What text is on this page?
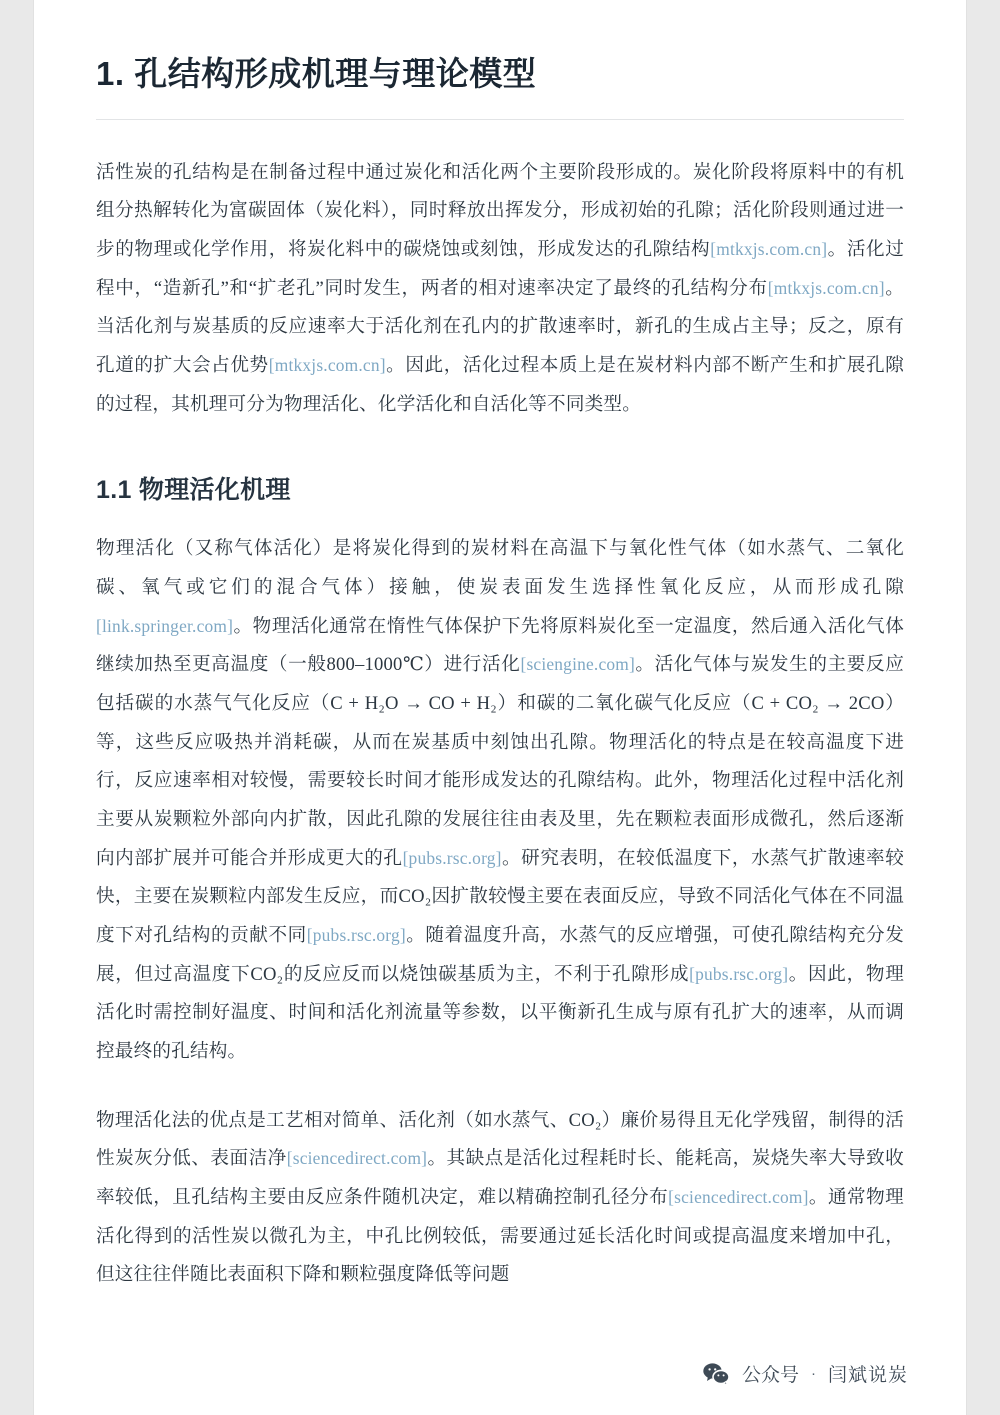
1. 孔结构形成机理与理论模型

活性炭的孔结构是在制备过程中通过炭化和活化两个主要阶段形成的。炭化阶段将原料中的有机组分热解转化为富碳固体（炭化料），同时释放出挥发分，形成初始的孔隙；活化阶段则通过进一步的物理或化学作用，将炭化料中的碳烧蚀或刻蚀，形成发达的孔隙结构[mtkxjs.com.cn]。活化过程中，“造新孔”和“扩老孔”同时发生，两者的相对速率决定了最终的孔结构分布[mtkxjs.com.cn]。当活化剂与炭基质的反应速率大于活化剂在孔内的扩散速率时，新孔的生成占主导；反之，原有孔道的扩大会占优势[mtkxjs.com.cn]。因此，活化过程本质上是在炭材料内部不断产生和扩展孔隙的过程，其机理可分为物理活化、化学活化和自活化等不同类型。

1.1 物理活化机理

物理活化（又称气体活化）是将炭化得到的炭材料在高温下与氧化性气体（如水蒸气、二氧化碳、氧气或它们的混合气体）接触，使炭表面发生选择性氧化反应，从而形成孔隙[link.springer.com]。物理活化通常在惰性气体保护下先将原料炭化至一定温度，然后通入活化气体继续加热至更高温度（一般800–1000℃）进行活化[sciengine.com]。活化气体与炭发生的主要反应包括碳的水蒸气气化反应（C + H₂O → CO + H₂）和碳的二氧化碳气化反应（C + CO₂ → 2CO）等，这些反应吸热并消耗碳，从而在炭基质中刻蚀出孔隙。物理活化的特点是在较高温度下进行，反应速率相对较慢，需要较长时间才能形成发达的孔隙结构。此外，物理活化过程中活化剂主要从炭颗粒外部向内扩散，因此孔隙的发展往往由表及里，先在颗粒表面形成微孔，然后逐渐向内部扩展并可能合并形成更大的孔[pubs.rsc.org]。研究表明，在较低温度下，水蒸气扩散速率较快，主要在炭颗粒内部发生反应，而CO₂因扩散较慢主要在表面反应，导致不同活化气体在不同温度下对孔结构的贡献不同[pubs.rsc.org]。随着温度升高，水蒸气的反应增强，可使孔隙结构充分发展，但过高温度下CO₂的反应反而以烧蚀碳基质为主，不利于孔隙形成[pubs.rsc.org]。因此，物理活化时需控制好温度、时间和活化剂流量等参数，以平衡新孔生成与原有孔扩大的速率，从而调控最终的孔结构。

物理活化法的优点是工艺相对简单、活化剂（如水蒸气、CO₂）廉价易得且无化学残留，制得的活性炭灰分低、表面洁净[sciencedirect.com]。其缺点是活化过程耗时长、能耗高，炭烧失率大导致收率较低，且孔结构主要由反应条件随机决定，难以精确控制孔径分布[sciencedirect.com]。通常物理活化得到的活性炭以微孔为主，中孔比例较低，需要通过延长活化时间或提高温度来增加中孔，但这往往伴随比表面积下降和颗粒强度降低等问题

公众号 · 闫斌说炭
